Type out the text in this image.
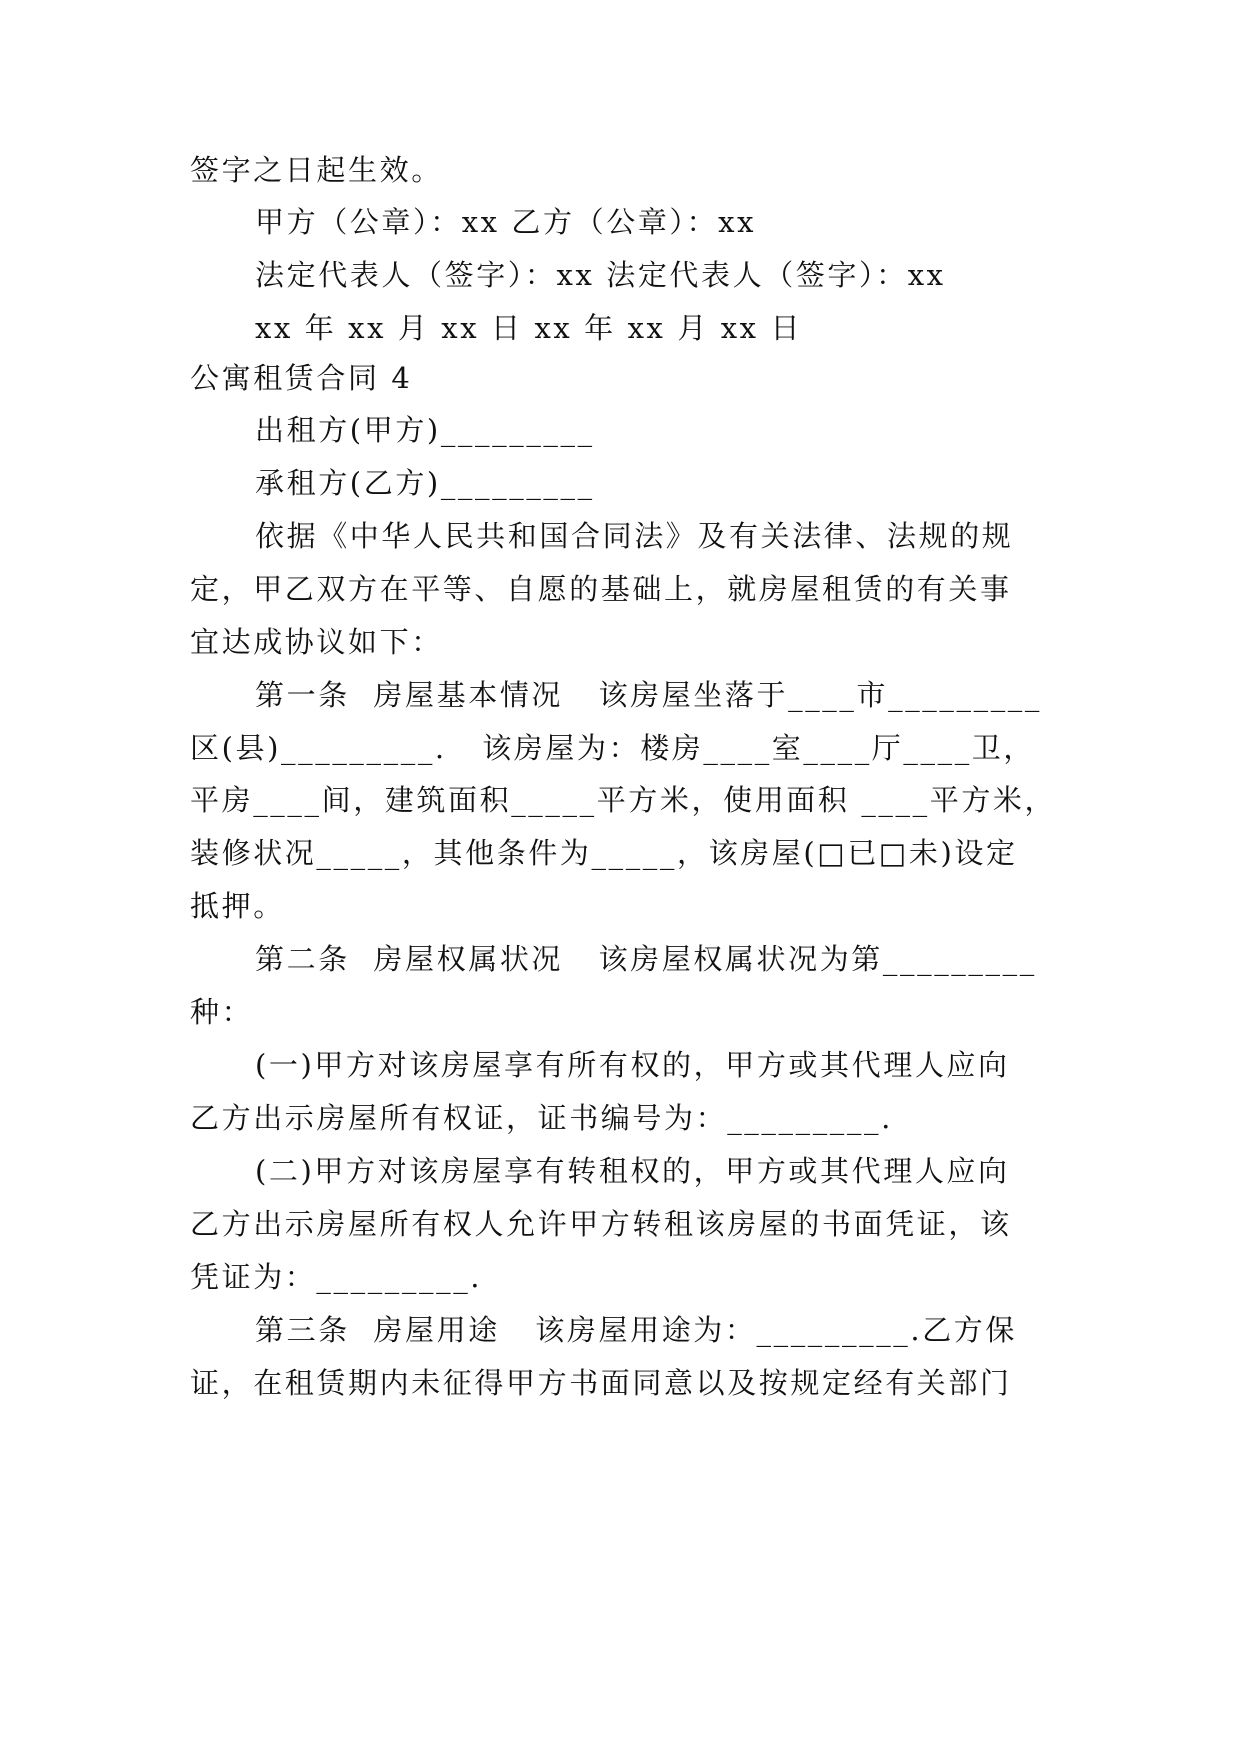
签字之日起生效。
甲方（公章）：xx 乙方（公章）：xx
法定代表人（签字）：xx 法定代表人（签字）：xx
xx 年 xx 月 xx 日 xx 年 xx 月 xx 日
公寓租赁合同 4
出租方(甲方)_________
承租方(乙方)_________
依据《中华人民共和国合同法》及有关法律、法规的规
定，甲乙双方在平等、自愿的基础上，就房屋租赁的有关事
宜达成协议如下：
第一条  房屋基本情况   该房屋坐落于____市_________
区(县)_________.   该房屋为：楼房____室____厅____卫，
平房____间，建筑面积_____平方米，使用面积 ____平方米，
装修状况_____，其他条件为_____，该房屋(□已□未)设定
抵押。
第二条  房屋权属状况   该房屋权属状况为第_________
种：
(一)甲方对该房屋享有所有权的，甲方或其代理人应向
乙方出示房屋所有权证，证书编号为：_________.
(二)甲方对该房屋享有转租权的，甲方或其代理人应向
乙方出示房屋所有权人允许甲方转租该房屋的书面凭证，该
凭证为：_________.
第三条  房屋用途   该房屋用途为：_________.乙方保
证，在租赁期内未征得甲方书面同意以及按规定经有关部门
